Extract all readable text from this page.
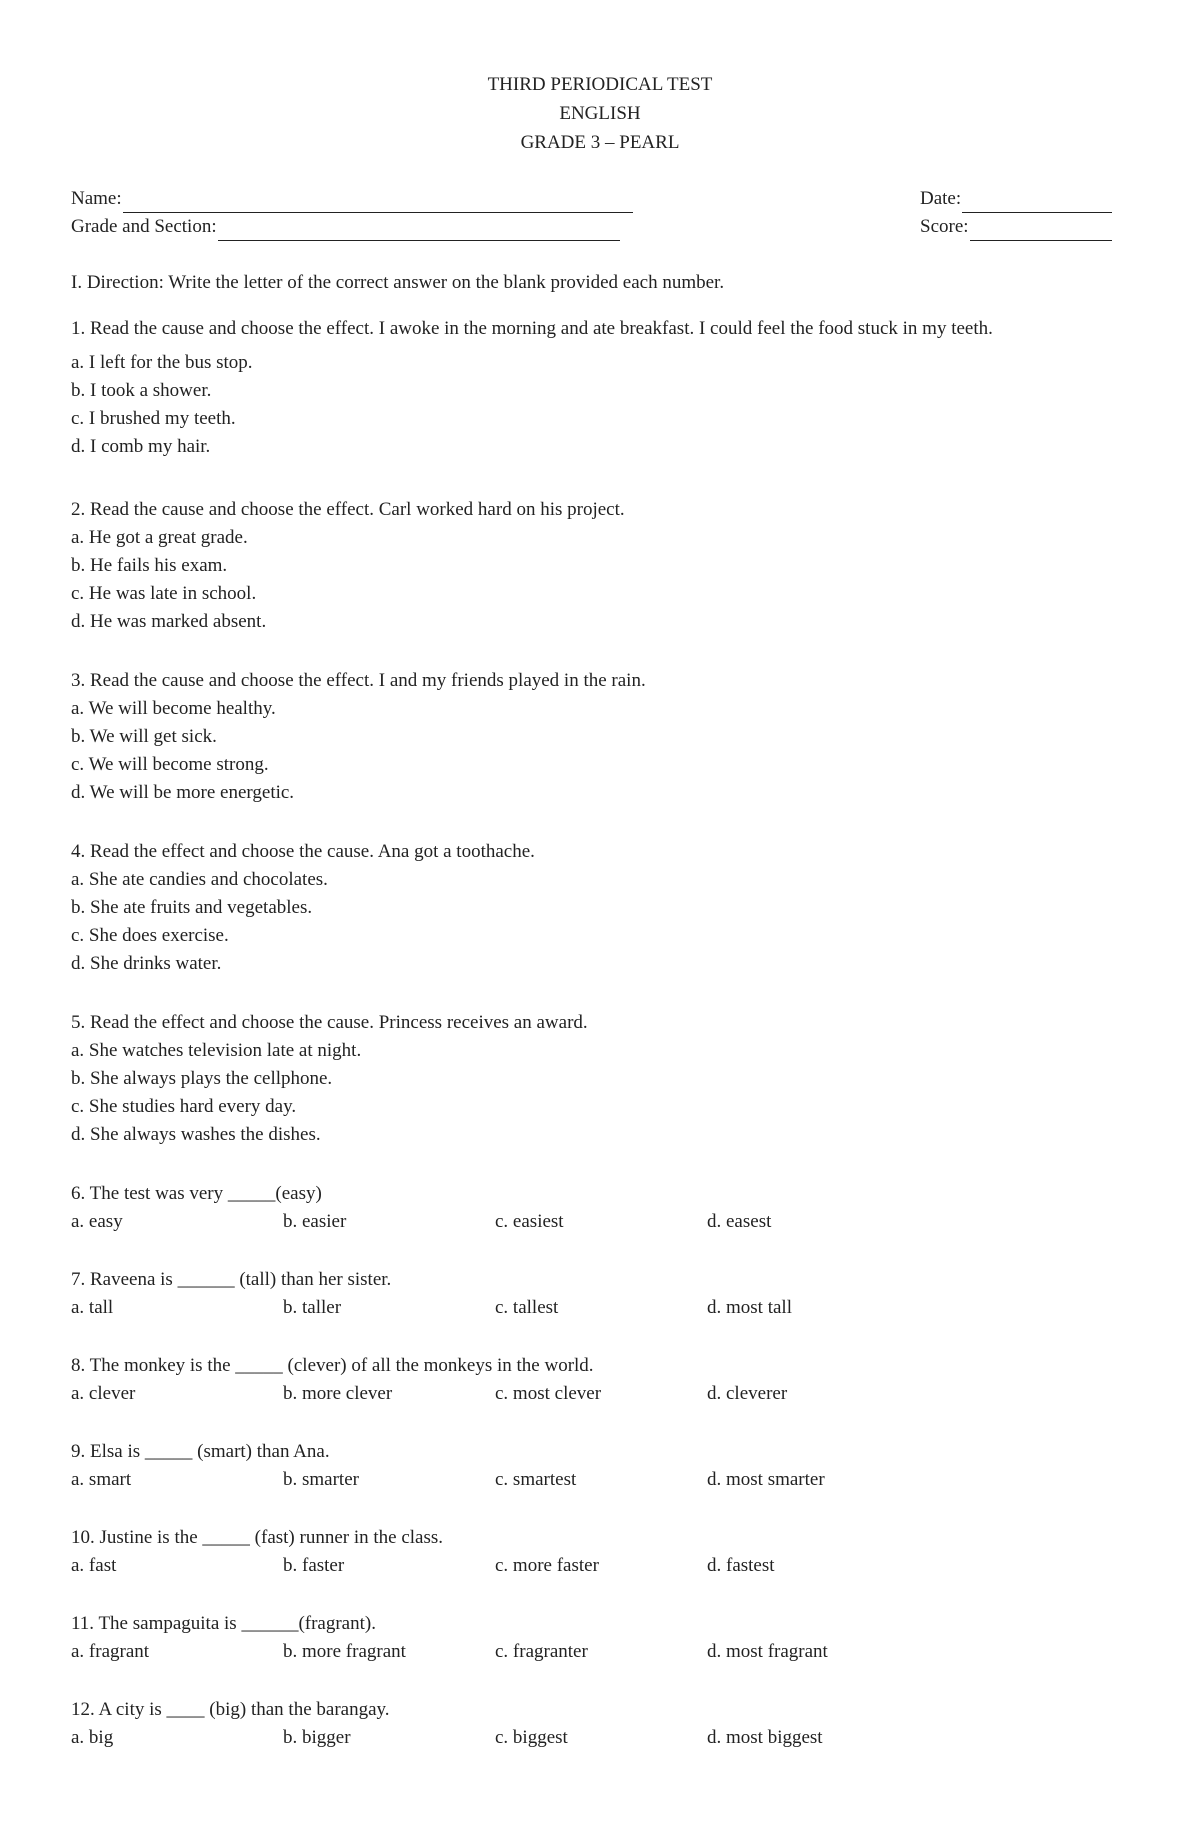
THIRD PERIODICAL TEST
ENGLISH
GRADE 3 – PEARL
Name:	Date:
Grade and Section:	Score:
I. Direction: Write the letter of the correct answer on the blank provided each number.
1. Read the cause and choose the effect. I awoke in the morning and ate breakfast. I could feel the food stuck in my teeth.
a. I left for the bus stop.
b. I took a shower.
c. I brushed my teeth.
d. I comb my hair.
2. Read the cause and choose the effect. Carl worked hard on his project.
a. He got a great grade.
b. He fails his exam.
c. He was late in school.
d. He was marked absent.
3. Read the cause and choose the effect. I and my friends played in the rain.
a. We will become healthy.
b. We will get sick.
c. We will become strong.
d. We will be more energetic.
4. Read the effect and choose the cause. Ana got a toothache.
a. She ate candies and chocolates.
b. She ate fruits and vegetables.
c. She does exercise.
d. She drinks water.
5. Read the effect and choose the cause. Princess receives an award.
a. She watches television late at night.
b. She always plays the cellphone.
c. She studies hard every day.
d. She always washes the dishes.
6. The test was very _____(easy)
a. easy	b. easier	c. easiest	d. easest
7. Raveena is ______ (tall) than her sister.
a. tall	b. taller	c. tallest	d. most tall
8. The monkey is the _____ (clever) of all the monkeys in the world.
a. clever	b. more clever	c. most clever	d. cleverer
9. Elsa is _____ (smart) than Ana.
a. smart	b. smarter	c. smartest	d. most smarter
10. Justine is the _____ (fast) runner in the class.
a. fast	b. faster	c. more faster	d. fastest
11. The sampaguita is ______(fragrant).
a. fragrant	b. more fragrant	c. fragranter	d. most fragrant
12. A city is ____ (big) than the barangay.
a. big	b. bigger	c. biggest	d. most biggest
